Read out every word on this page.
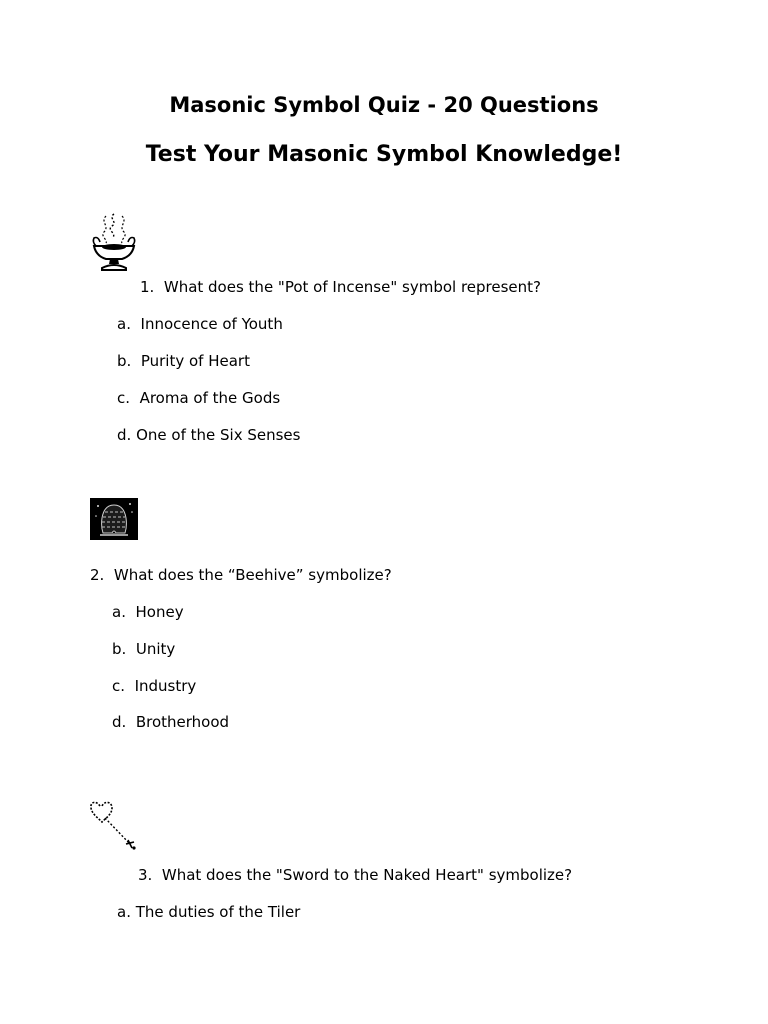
Masonic Symbol Quiz - 20 Questions
Test Your Masonic Symbol Knowledge!

1. What does the "Pot of Incense" symbol represent?

a. Innocence of Youth

b. Purity of Heart

c. Aroma of the Gods

d. One of the Six Senses

2. What does the “Beehive” symbolize?

a. Honey

b. Unity

c. Industry

d. Brotherhood

3. What does the "Sword to the Naked Heart" symbolize?

a. The duties of the Tiler
